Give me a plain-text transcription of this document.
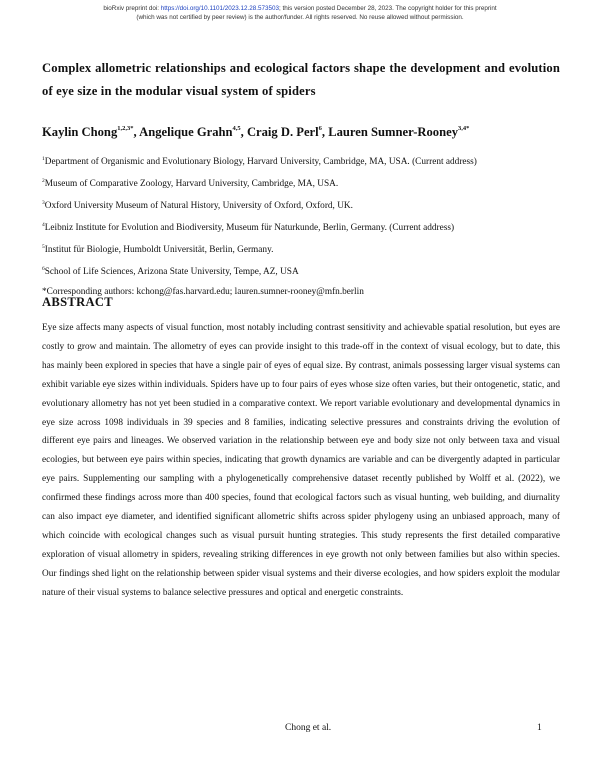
bioRxiv preprint doi: https://doi.org/10.1101/2023.12.28.573503; this version posted December 28, 2023. The copyright holder for this preprint
(which was not certified by peer review) is the author/funder. All rights reserved. No reuse allowed without permission.
Complex allometric relationships and ecological factors shape the development and evolution of eye size in the modular visual system of spiders
Kaylin Chong$^{1,2,3*}$, Angelique Grahn$^{4,5}$, Craig D. Perl$^6$, Lauren Sumner-Rooney$^{3,4*}$
$^1$Department of Organismic and Evolutionary Biology, Harvard University, Cambridge, MA, USA. (Current address)
$^2$Museum of Comparative Zoology, Harvard University, Cambridge, MA, USA.
$^3$Oxford University Museum of Natural History, University of Oxford, Oxford, UK.
$^4$Leibniz Institute for Evolution and Biodiversity, Museum für Naturkunde, Berlin, Germany. (Current address)
$^5$Institut für Biologie, Humboldt Universität, Berlin, Germany.
$^6$School of Life Sciences, Arizona State University, Tempe, AZ, USA
*Corresponding authors: kchong@fas.harvard.edu; lauren.sumner-rooney@mfn.berlin
ABSTRACT
Eye size affects many aspects of visual function, most notably including contrast sensitivity and achievable spatial resolution, but eyes are costly to grow and maintain. The allometry of eyes can provide insight to this trade-off in the context of visual ecology, but to date, this has mainly been explored in species that have a single pair of eyes of equal size. By contrast, animals possessing larger visual systems can exhibit variable eye sizes within individuals. Spiders have up to four pairs of eyes whose size often varies, but their ontogenetic, static, and evolutionary allometry has not yet been studied in a comparative context. We report variable evolutionary and developmental dynamics in eye size across 1098 individuals in 39 species and 8 families, indicating selective pressures and constraints driving the evolution of different eye pairs and lineages. We observed variation in the relationship between eye and body size not only between taxa and visual ecologies, but between eye pairs within species, indicating that growth dynamics are variable and can be divergently adapted in particular eye pairs. Supplementing our sampling with a phylogenetically comprehensive dataset recently published by Wolff et al. (2022), we confirmed these findings across more than 400 species, found that ecological factors such as visual hunting, web building, and diurnality can also impact eye diameter, and identified significant allometric shifts across spider phylogeny using an unbiased approach, many of which coincide with ecological changes such as visual pursuit hunting strategies. This study represents the first detailed comparative exploration of visual allometry in spiders, revealing striking differences in eye growth not only between families but also within species. Our findings shed light on the relationship between spider visual systems and their diverse ecologies, and how spiders exploit the modular nature of their visual systems to balance selective pressures and optical and energetic constraints.
Chong et al.	1
